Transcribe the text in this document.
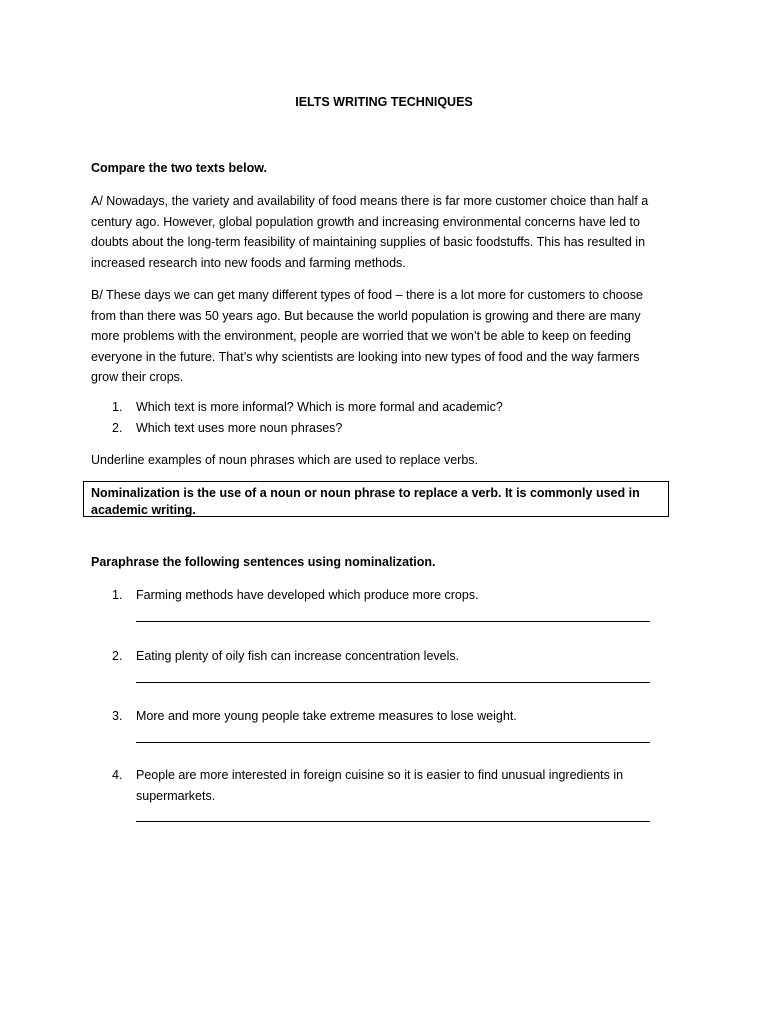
IELTS WRITING TECHNIQUES
Compare the two texts below.
A/ Nowadays, the variety and availability of food means there is far more customer choice than half a century ago. However, global population growth and increasing environmental concerns have led to doubts about the long-term feasibility of maintaining supplies of basic foodstuffs. This has resulted in increased research into new foods and farming methods.
B/ These days we can get many different types of food – there is a lot more for customers to choose from than there was 50 years ago. But because the world population is growing and there are many more problems with the environment, people are worried that we won’t be able to keep on feeding everyone in the future. That’s why scientists are looking into new types of food and the way farmers grow their crops.
1. Which text is more informal? Which is more formal and academic?
2. Which text uses more noun phrases?
Underline examples of noun phrases which are used to replace verbs.
Nominalization is the use of a noun or noun phrase to replace a verb. It is commonly used in academic writing.
Paraphrase the following sentences using nominalization.
1. Farming methods have developed which produce more crops.
2. Eating plenty of oily fish can increase concentration levels.
3. More and more young people take extreme measures to lose weight.
4. People are more interested in foreign cuisine so it is easier to find unusual ingredients in supermarkets.
